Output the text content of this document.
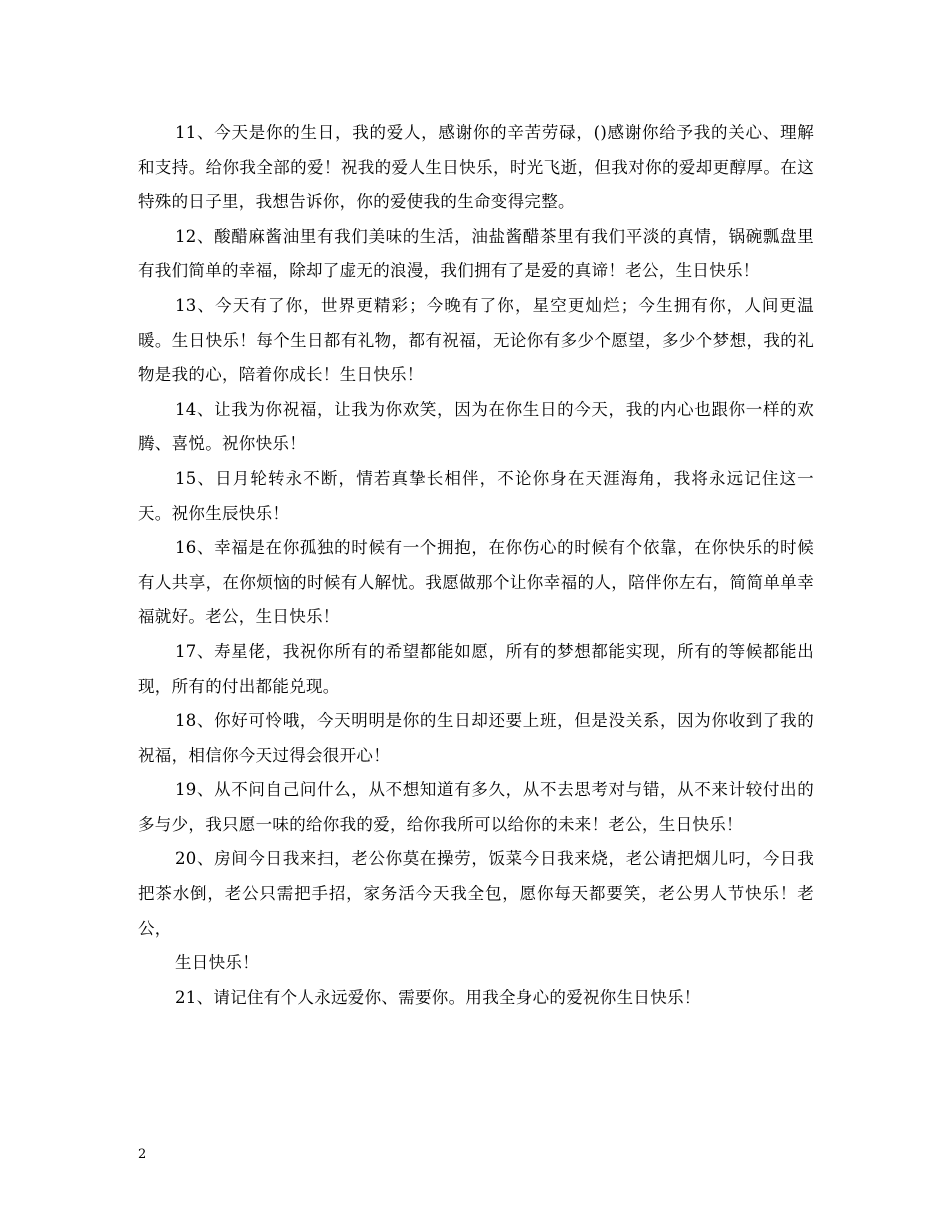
11、今天是你的生日，我的爱人，感谢你的辛苦劳碌，()感谢你给予我的关心、理解和支持。给你我全部的爱！祝我的爱人生日快乐，时光飞逝，但我对你的爱却更醇厚。在这特殊的日子里，我想告诉你，你的爱使我的生命变得完整。

12、酸醋麻酱油里有我们美味的生活，油盐酱醋茶里有我们平淡的真情，锅碗瓢盘里有我们简单的幸福，除却了虚无的浪漫，我们拥有了是爱的真谛！老公，生日快乐！

13、今天有了你，世界更精彩；今晚有了你，星空更灿烂；今生拥有你，人间更温暖。生日快乐！每个生日都有礼物，都有祝福，无论你有多少个愿望，多少个梦想，我的礼物是我的心，陪着你成长！生日快乐！

14、让我为你祝福，让我为你欢笑，因为在你生日的今天，我的内心也跟你一样的欢腾、喜悦。祝你快乐！

15、日月轮转永不断，情若真挚长相伴，不论你身在天涯海角，我将永远记住这一天。祝你生辰快乐！

16、幸福是在你孤独的时候有一个拥抱，在你伤心的时候有个依靠，在你快乐的时候有人共享，在你烦恼的时候有人解忧。我愿做那个让你幸福的人，陪伴你左右，简简单单幸福就好。老公，生日快乐！

17、寿星佬，我祝你所有的希望都能如愿，所有的梦想都能实现，所有的等候都能出现，所有的付出都能兑现。

18、你好可怜哦，今天明明是你的生日却还要上班，但是没关系，因为你收到了我的祝福，相信你今天过得会很开心！

19、从不问自己问什么，从不想知道有多久，从不去思考对与错，从不来计较付出的多与少，我只愿一味的给你我的爱，给你我所可以给你的未来！老公，生日快乐！

20、房间今日我来扫，老公你莫在操劳，饭菜今日我来烧，老公请把烟儿叼，今日我把茶水倒，老公只需把手招，家务活今天我全包，愿你每天都要笑，老公男人节快乐！老公，

生日快乐！

21、请记住有个人永远爱你、需要你。用我全身心的爱祝你生日快乐！

2
